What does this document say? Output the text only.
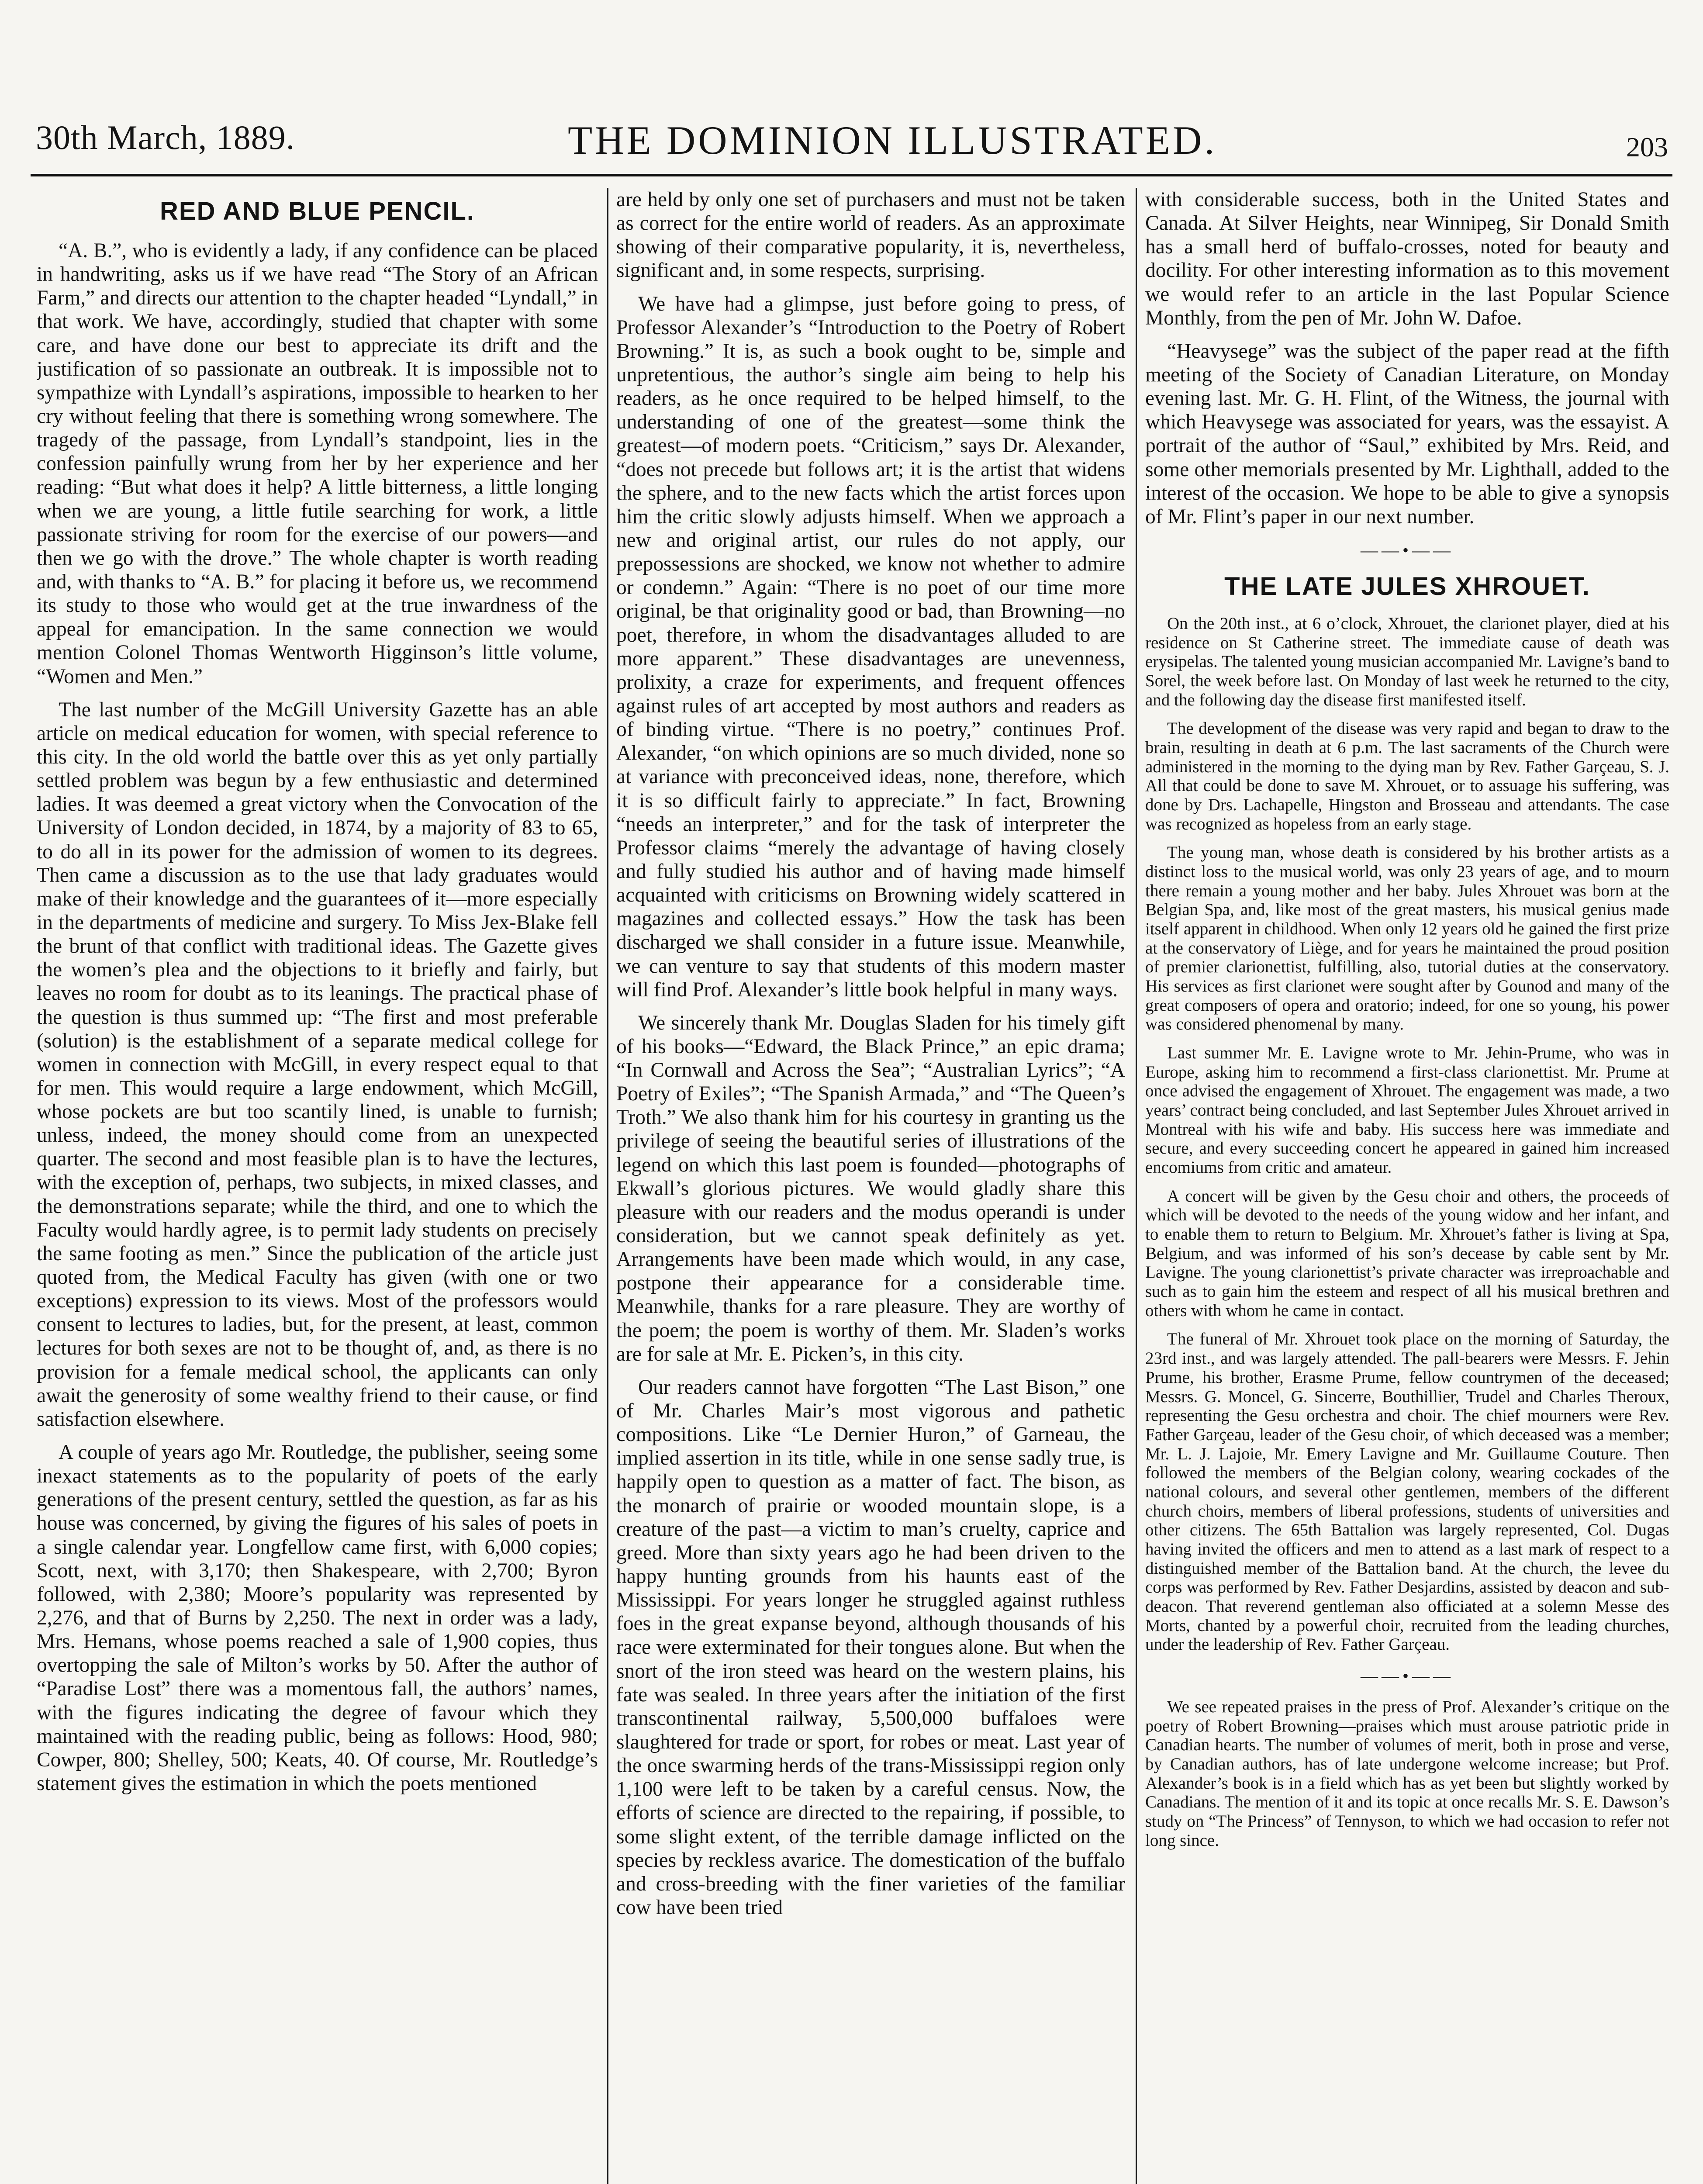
30th March, 1889.	THE DOMINION ILLUSTRATED.	203
RED AND BLUE PENCIL.

“A. B.”, who is evidently a lady, if any confidence can be placed in handwriting, asks us if we have read “The Story of an African Farm,” and directs our attention to the chapter headed “Lyndall,” in that work. We have, accordingly, studied that chapter with some care, and have done our best to appreciate its drift and the justification of so passionate an outbreak. It is impossible not to sympathize with Lyndall’s aspirations, impossible to hearken to her cry without feeling that there is something wrong somewhere. The tragedy of the passage, from Lyndall’s standpoint, lies in the confession painfully wrung from her by her experience and her reading: “But what does it help? A little bitterness, a little longing when we are young, a little futile searching for work, a little passionate striving for room for the exercise of our powers—and then we go with the drove.” The whole chapter is worth reading and, with thanks to “A. B.” for placing it before us, we recommend its study to those who would get at the true inwardness of the appeal for emancipation. In the same connection we would mention Colonel Thomas Wentworth Higginson’s little volume, “Women and Men.”

The last number of the McGill University Gazette has an able article on medical education for women, with special reference to this city. In the old world the battle over this as yet only partially settled problem was begun by a few enthusiastic and determined ladies. It was deemed a great victory when the Convocation of the University of London decided, in 1874, by a majority of 83 to 65, to do all in its power for the admission of women to its degrees. Then came a discussion as to the use that lady graduates would make of their knowledge and the guarantees of it—more especially in the departments of medicine and surgery. To Miss Jex-Blake fell the brunt of that conflict with traditional ideas. The Gazette gives the women’s plea and the objections to it briefly and fairly, but leaves no room for doubt as to its leanings. The practical phase of the question is thus summed up: “The first and most preferable (solution) is the establishment of a separate medical college for women in connection with McGill, in every respect equal to that for men. This would require a large endowment, which McGill, whose pockets are but too scantily lined, is unable to furnish; unless, indeed, the money should come from an unexpected quarter. The second and most feasible plan is to have the lectures, with the exception of, perhaps, two subjects, in mixed classes, and the demonstrations separate; while the third, and one to which the Faculty would hardly agree, is to permit lady students on precisely the same footing as men.” Since the publication of the article just quoted from, the Medical Faculty has given (with one or two exceptions) expression to its views. Most of the professors would consent to lectures to ladies, but, for the present, at least, common lectures for both sexes are not to be thought of, and, as there is no provision for a female medical school, the applicants can only await the generosity of some wealthy friend to their cause, or find satisfaction elsewhere.

A couple of years ago Mr. Routledge, the publisher, seeing some inexact statements as to the popularity of poets of the early generations of the present century, settled the question, as far as his house was concerned, by giving the figures of his sales of poets in a single calendar year. Longfellow came first, with 6,000 copies; Scott, next, with 3,170; then Shakespeare, with 2,700; Byron followed, with 2,380; Moore’s popularity was represented by 2,276, and that of Burns by 2,250. The next in order was a lady, Mrs. Hemans, whose poems reached a sale of 1,900 copies, thus overtopping the sale of Milton’s works by 50. After the author of “Paradise Lost” there was a momentous fall, the authors’ names, with the figures indicating the degree of favour which they maintained with the reading public, being as follows: Hood, 980; Cowper, 800; Shelley, 500; Keats, 40. Of course, Mr. Routledge’s statement gives the estimation in which the poets mentioned

are held by only one set of purchasers and must not be taken as correct for the entire world of readers. As an approximate showing of their comparative popularity, it is, nevertheless, significant and, in some respects, surprising.

We have had a glimpse, just before going to press, of Professor Alexander’s “Introduction to the Poetry of Robert Browning.” It is, as such a book ought to be, simple and unpretentious, the author’s single aim being to help his readers, as he once required to be helped himself, to the understanding of one of the greatest—some think the greatest—of modern poets. “Criticism,” says Dr. Alexander, “does not precede but follows art; it is the artist that widens the sphere, and to the new facts which the artist forces upon him the critic slowly adjusts himself. When we approach a new and original artist, our rules do not apply, our prepossessions are shocked, we know not whether to admire or condemn.” Again: “There is no poet of our time more original, be that originality good or bad, than Browning—no poet, therefore, in whom the disadvantages alluded to are more apparent.” These disadvantages are unevenness, prolixity, a craze for experiments, and frequent offences against rules of art accepted by most authors and readers as of binding virtue. “There is no poetry,” continues Prof. Alexander, “on which opinions are so much divided, none so at variance with preconceived ideas, none, therefore, which it is so difficult fairly to appreciate.” In fact, Browning “needs an interpreter,” and for the task of interpreter the Professor claims “merely the advantage of having closely and fully studied his author and of having made himself acquainted with criticisms on Browning widely scattered in magazines and collected essays.” How the task has been discharged we shall consider in a future issue. Meanwhile, we can venture to say that students of this modern master will find Prof. Alexander’s little book helpful in many ways.

We sincerely thank Mr. Douglas Sladen for his timely gift of his books—“Edward, the Black Prince,” an epic drama; “In Cornwall and Across the Sea”; “Australian Lyrics”; “A Poetry of Exiles”; “The Spanish Armada,” and “The Queen’s Troth.” We also thank him for his courtesy in granting us the privilege of seeing the beautiful series of illustrations of the legend on which this last poem is founded—photographs of Ekwall’s glorious pictures. We would gladly share this pleasure with our readers and the modus operandi is under consideration, but we cannot speak definitely as yet. Arrangements have been made which would, in any case, postpone their appearance for a considerable time. Meanwhile, thanks for a rare pleasure. They are worthy of the poem; the poem is worthy of them. Mr. Sladen’s works are for sale at Mr. E. Picken’s, in this city.

Our readers cannot have forgotten “The Last Bison,” one of Mr. Charles Mair’s most vigorous and pathetic compositions. Like “Le Dernier Huron,” of Garneau, the implied assertion in its title, while in one sense sadly true, is happily open to question as a matter of fact. The bison, as the monarch of prairie or wooded mountain slope, is a creature of the past—a victim to man’s cruelty, caprice and greed. More than sixty years ago he had been driven to the happy hunting grounds from his haunts east of the Mississippi. For years longer he struggled against ruthless foes in the great expanse beyond, although thousands of his race were exterminated for their tongues alone. But when the snort of the iron steed was heard on the western plains, his fate was sealed. In three years after the initiation of the first transcontinental railway, 5,500,000 buffaloes were slaughtered for trade or sport, for robes or meat. Last year of the once swarming herds of the trans-Mississippi region only 1,100 were left to be taken by a careful census. Now, the efforts of science are directed to the repairing, if possible, to some slight extent, of the terrible damage inflicted on the species by reckless avarice. The domestication of the buffalo and cross-breeding with the finer varieties of the familiar cow have been tried

with considerable success, both in the United States and Canada. At Silver Heights, near Winnipeg, Sir Donald Smith has a small herd of buffalo-crosses, noted for beauty and docility. For other interesting information as to this movement we would refer to an article in the last Popular Science Monthly, from the pen of Mr. John W. Dafoe.

“Heavysege” was the subject of the paper read at the fifth meeting of the Society of Canadian Literature, on Monday evening last. Mr. G. H. Flint, of the Witness, the journal with which Heavysege was associated for years, was the essayist. A portrait of the author of “Saul,” exhibited by Mrs. Reid, and some other memorials presented by Mr. Lighthall, added to the interest of the occasion. We hope to be able to give a synopsis of Mr. Flint’s paper in our next number.

——•——
THE LATE JULES XHROUET.

On the 20th inst., at 6 o’clock, Xhrouet, the clarionet player, died at his residence on St Catherine street. The immediate cause of death was erysipelas. The talented young musician accompanied Mr. Lavigne’s band to Sorel, the week before last. On Monday of last week he returned to the city, and the following day the disease first manifested itself.

The development of the disease was very rapid and began to draw to the brain, resulting in death at 6 p.m. The last sacraments of the Church were administered in the morning to the dying man by Rev. Father Garçeau, S. J. All that could be done to save M. Xhrouet, or to assuage his suffering, was done by Drs. Lachapelle, Hingston and Brosseau and attendants. The case was recognized as hopeless from an early stage.

The young man, whose death is considered by his brother artists as a distinct loss to the musical world, was only 23 years of age, and to mourn there remain a young mother and her baby. Jules Xhrouet was born at the Belgian Spa, and, like most of the great masters, his musical genius made itself apparent in childhood. When only 12 years old he gained the first prize at the conservatory of Liège, and for years he maintained the proud position of premier clarionettist, fulfilling, also, tutorial duties at the conservatory. His services as first clarionet were sought after by Gounod and many of the great composers of opera and oratorio; indeed, for one so young, his power was considered phenomenal by many.

Last summer Mr. E. Lavigne wrote to Mr. Jehin-Prume, who was in Europe, asking him to recommend a first-class clarionettist. Mr. Prume at once advised the engagement of Xhrouet. The engagement was made, a two years’ contract being concluded, and last September Jules Xhrouet arrived in Montreal with his wife and baby. His success here was immediate and secure, and every succeeding concert he appeared in gained him increased encomiums from critic and amateur.

A concert will be given by the Gesu choir and others, the proceeds of which will be devoted to the needs of the young widow and her infant, and to enable them to return to Belgium. Mr. Xhrouet’s father is living at Spa, Belgium, and was informed of his son’s decease by cable sent by Mr. Lavigne. The young clarionettist’s private character was irreproachable and such as to gain him the esteem and respect of all his musical brethren and others with whom he came in contact.

The funeral of Mr. Xhrouet took place on the morning of Saturday, the 23rd inst., and was largely attended. The pall-bearers were Messrs. F. Jehin Prume, his brother, Erasme Prume, fellow countrymen of the deceased; Messrs. G. Moncel, G. Sincerre, Bouthillier, Trudel and Charles Theroux, representing the Gesu orchestra and choir. The chief mourners were Rev. Father Garçeau, leader of the Gesu choir, of which deceased was a member; Mr. L. J. Lajoie, Mr. Emery Lavigne and Mr. Guillaume Couture. Then followed the members of the Belgian colony, wearing cockades of the national colours, and several other gentlemen, members of the different church choirs, members of liberal professions, students of universities and other citizens. The 65th Battalion was largely represented, Col. Dugas having invited the officers and men to attend as a last mark of respect to a distinguished member of the Battalion band. At the church, the levee du corps was performed by Rev. Father Desjardins, assisted by deacon and sub-deacon. That reverend gentleman also officiated at a solemn Messe des Morts, chanted by a powerful choir, recruited from the leading churches, under the leadership of Rev. Father Garçeau.

——•——

We see repeated praises in the press of Prof. Alexander’s critique on the poetry of Robert Browning—praises which must arouse patriotic pride in Canadian hearts. The number of volumes of merit, both in prose and verse, by Canadian authors, has of late undergone welcome increase; but Prof. Alexander’s book is in a field which has as yet been but slightly worked by Canadians. The mention of it and its topic at once recalls Mr. S. E. Dawson’s study on “The Princess” of Tennyson, to which we had occasion to refer not long since.
